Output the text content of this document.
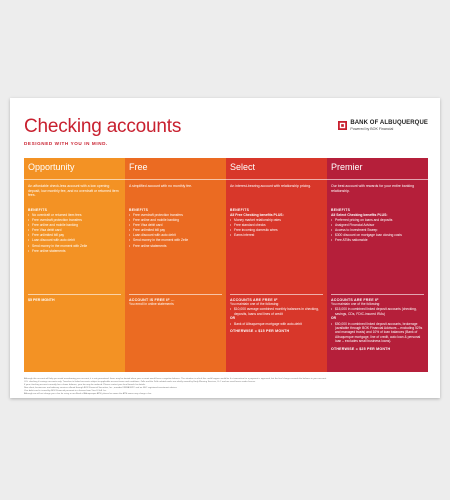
Checking accounts
DESIGNED WITH YOU IN MIND.
BANK OF ALBUQUERQUE
Powered by BOK Financial
Opportunity
An affordable check-less account with a low opening deposit, low monthly fee, and no overdraft or returned item fees.
BENEFITS
• No overdraft or returned item fees
• Free overdraft protection transfers
• Free online and mobile banking
• Free Visa debit card
• Free unlimited bill pay
• Loan discount with auto debit
• Send money in the moment with Zelle
• Free online statements
$5 PER MONTH
Free
A simplified account with no monthly fee.
BENEFITS
• Free overdraft protection transfers
• Free online and mobile banking
• Free Visa debit card
• Free unlimited bill pay
• Loan discount with auto debit
• Send money in the moment with Zelle
• Free online statements
ACCOUNT IS FREE IF ...
You enroll in online statements
Select
An interest-bearing account with relationship pricing.
BENEFITS
All Free Checking benefits PLUS:
• Money market relationship rates
• Free standard checks
• Free incoming domestic wires
• Earns interest
ACCOUNTS ARE FREE IF
You maintain one of the following:
• $10,000 average combined monthly balances in checking, deposits, loans and lines of credit
OR
• Bank of Albuquerque mortgage with auto-debit
OTHERWISE = $15 PER MONTH
Premier
Our best account with rewards for your entire banking relationship.
BENEFITS
All Select Checking benefits PLUS:
• Preferred pricing on loans and deposits
• Assigned Financial Advisor
• Access to Investment Sweep
• $300 discount on mortgage loan closing costs
• Free ATMs nationwide
ACCOUNTS ARE FREE IF
You maintain one of the following:
• $15,000 in combined linked deposit accounts (checking, savings, CDs, FDIC-insured IRAs)
OR
• $50,000 in combined linked deposit accounts, brokerage (available through BOK Financial Advisors – excluding 529s and managed trusts) and 10% of loan balances (Bank of Albuquerque mortgage, line of credit, auto loan & personal loan – excludes small business loans).
OTHERWISE = $25 PER MONTH

Although this account will help you avoid overdrawing your account, it is not guaranteed. Items may be denied when your account would have a negative balance. The situation in which this could happen would be if a transaction for a payment is approved, but the final charge exceeds the balance in your account.

U.S. checking & savings accounts only. Transfers to linked accounts subject to applicable account terms and conditions. Zelle and the Zelle related marks are wholly owned by Early Warning Services, LLC and are used herein under license.

If your checking account currently has a lower balance, your fee may be reduced. Please contact your local branch for details.

New client, businesses and advisory services offered through BOK Financial Securities, Inc., member FINRA/SIPC and an SEC registered investment advisor.

Visa debit card is issued by BOK Financial pursuant to a license from Visa U.S.A. Inc.

Although we will not charge you a fee for using a non-Bank of Albuquerque ATM, please be aware the ATM owner may charge a fee.
